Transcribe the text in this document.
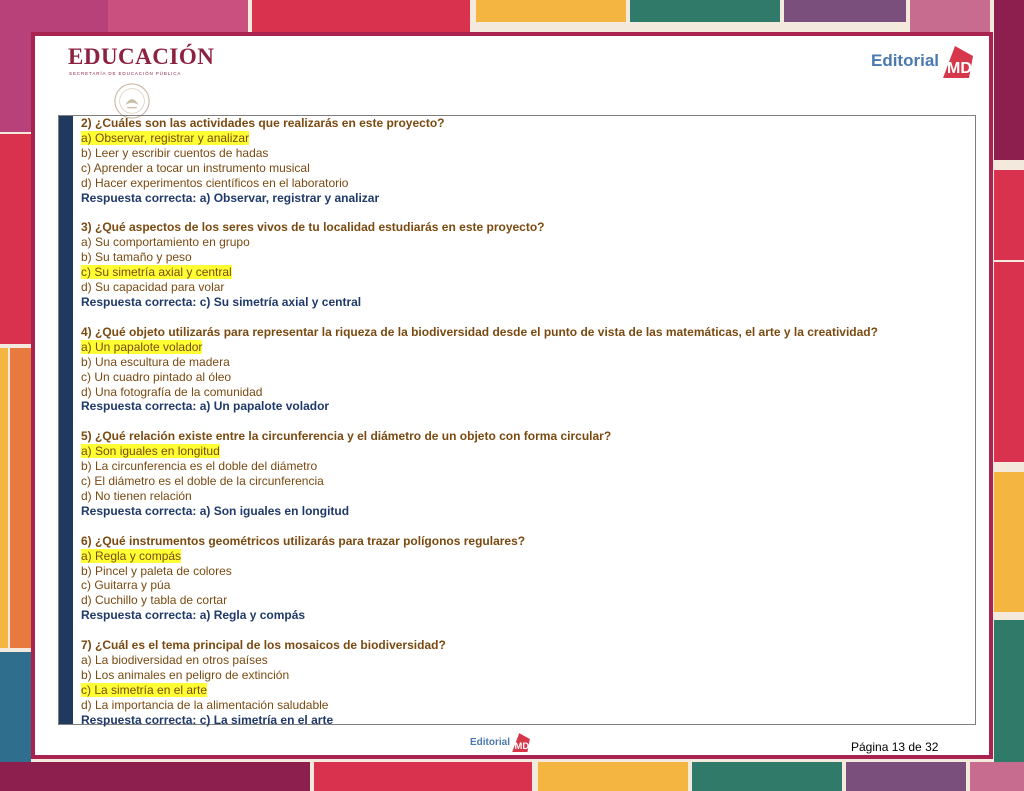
EDUCACIÓN
SECRETARÍA DE EDUCACIÓN PÚBLICA
Editorial MD
2) ¿Cuáles son las actividades que realizarás en este proyecto?
a) Observar, registrar y analizar
b) Leer y escribir cuentos de hadas
c) Aprender a tocar un instrumento musical
d) Hacer experimentos científicos en el laboratorio
Respuesta correcta: a) Observar, registrar y analizar
3) ¿Qué aspectos de los seres vivos de tu localidad estudiarás en este proyecto?
a) Su comportamiento en grupo
b) Su tamaño y peso
c) Su simetría axial y central
d) Su capacidad para volar
Respuesta correcta: c) Su simetría axial y central
4) ¿Qué objeto utilizarás para representar la riqueza de la biodiversidad desde el punto de vista de las matemáticas, el arte y la creatividad?
a) Un papalote volador
b) Una escultura de madera
c) Un cuadro pintado al óleo
d) Una fotografía de la comunidad
Respuesta correcta: a) Un papalote volador
5) ¿Qué relación existe entre la circunferencia y el diámetro de un objeto con forma circular?
a) Son iguales en longitud
b) La circunferencia es el doble del diámetro
c) El diámetro es el doble de la circunferencia
d) No tienen relación
Respuesta correcta: a) Son iguales en longitud
6) ¿Qué instrumentos geométricos utilizarás para trazar polígonos regulares?
a) Regla y compás
b) Pincel y paleta de colores
c) Guitarra y púa
d) Cuchillo y tabla de cortar
Respuesta correcta: a) Regla y compás
7) ¿Cuál es el tema principal de los mosaicos de biodiversidad?
a) La biodiversidad en otros países
b) Los animales en peligro de extinción
c) La simetría en el arte
d) La importancia de la alimentación saludable
Respuesta correcta: c) La simetría en el arte
Editorial MD	Página 13 de 32
